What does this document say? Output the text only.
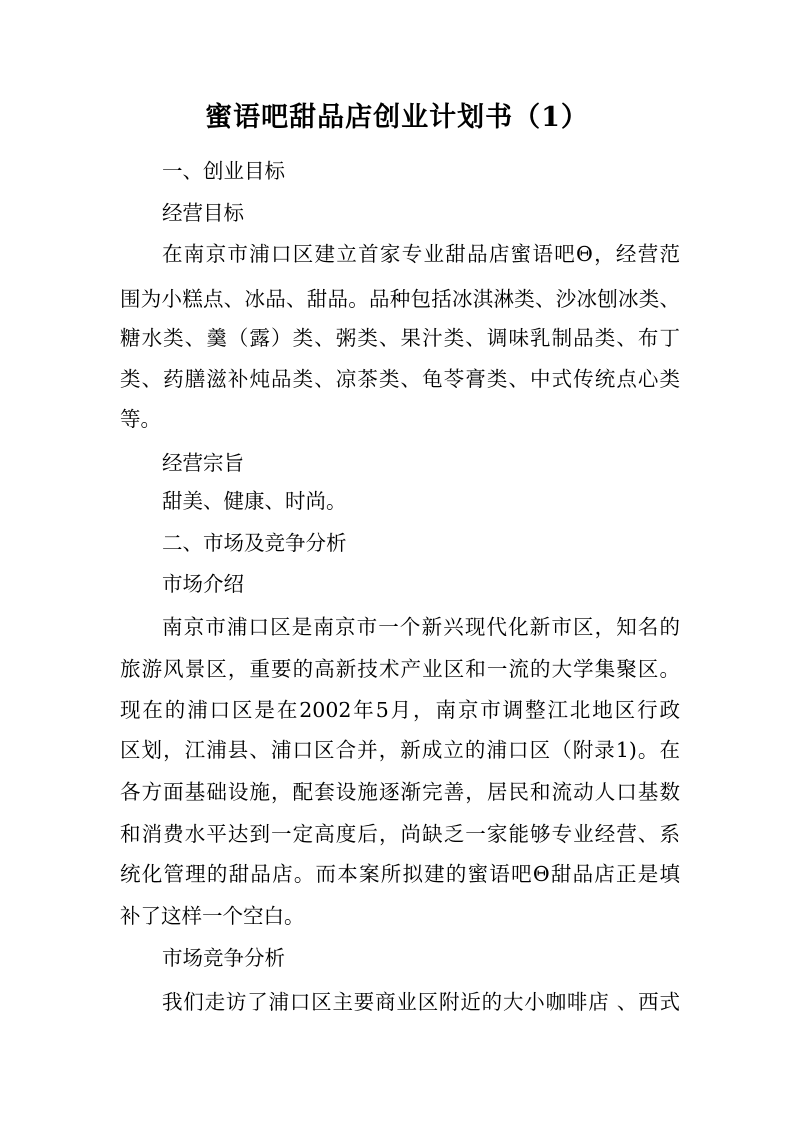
蜜语吧甜品店创业计划书（1）
一、创业目标
经营目标
在南京市浦口区建立首家专业甜品店蜜语吧Θ，经营范
围为小糕点、冰品、甜品。品种包括冰淇淋类、沙冰刨冰类、
糖水类、羹（露）类、粥类、果汁类、调味乳制品类、布丁
类、药膳滋补炖品类、凉茶类、龟苓膏类、中式传统点心类
等。
经营宗旨
甜美、健康、时尚。
二、市场及竞争分析
市场介绍
南京市浦口区是南京市一个新兴现代化新市区，知名的
旅游风景区，重要的高新技术产业区和一流的大学集聚区。
现在的浦口区是在2002年5月，南京市调整江北地区行政
区划，江浦县、浦口区合并，新成立的浦口区（附录1)。在
各方面基础设施，配套设施逐渐完善，居民和流动人口基数
和消费水平达到一定高度后，尚缺乏一家能够专业经营、系
统化管理的甜品店。而本案所拟建的蜜语吧Θ甜品店正是填
补了这样一个空白。
市场竞争分析
我们走访了浦口区主要商业区附近的大小咖啡店 、西式
